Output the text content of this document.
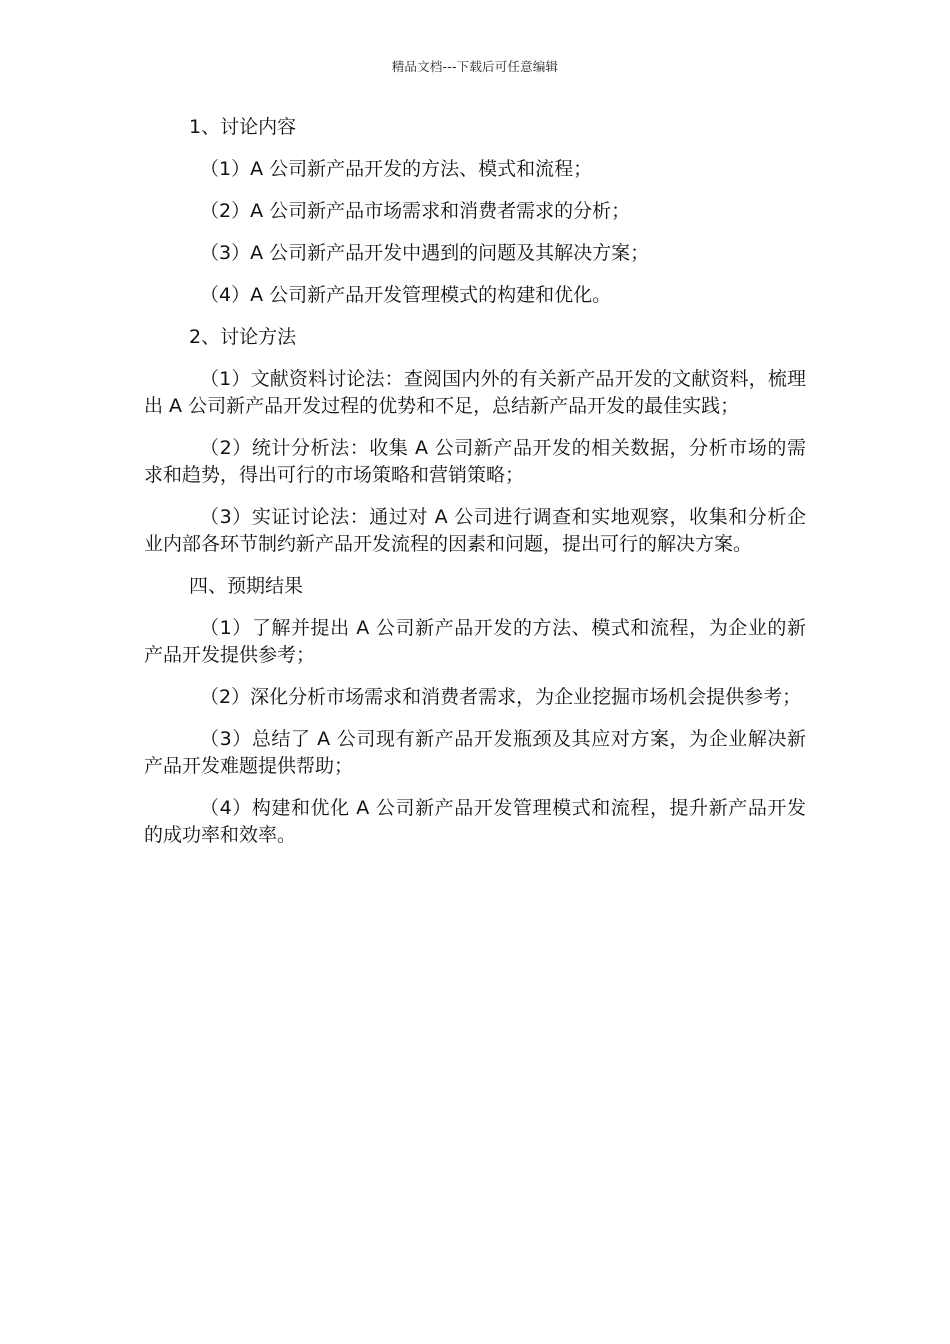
精品文档---下载后可任意编辑
1、讨论内容
（1）A 公司新产品开发的方法、模式和流程；
（2）A 公司新产品市场需求和消费者需求的分析；
（3）A 公司新产品开发中遇到的问题及其解决方案；
（4）A 公司新产品开发管理模式的构建和优化。
2、讨论方法
（1）文献资料讨论法：查阅国内外的有关新产品开发的文献资料，梳理出 A 公司新产品开发过程的优势和不足，总结新产品开发的最佳实践；
（2）统计分析法：收集 A 公司新产品开发的相关数据，分析市场的需求和趋势，得出可行的市场策略和营销策略；
（3）实证讨论法：通过对 A 公司进行调查和实地观察，收集和分析企业内部各环节制约新产品开发流程的因素和问题，提出可行的解决方案。
四、预期结果
（1）了解并提出 A 公司新产品开发的方法、模式和流程，为企业的新产品开发提供参考；
（2）深化分析市场需求和消费者需求，为企业挖掘市场机会提供参考；
（3）总结了 A 公司现有新产品开发瓶颈及其应对方案，为企业解决新产品开发难题提供帮助；
（4）构建和优化 A 公司新产品开发管理模式和流程，提升新产品开发的成功率和效率。
